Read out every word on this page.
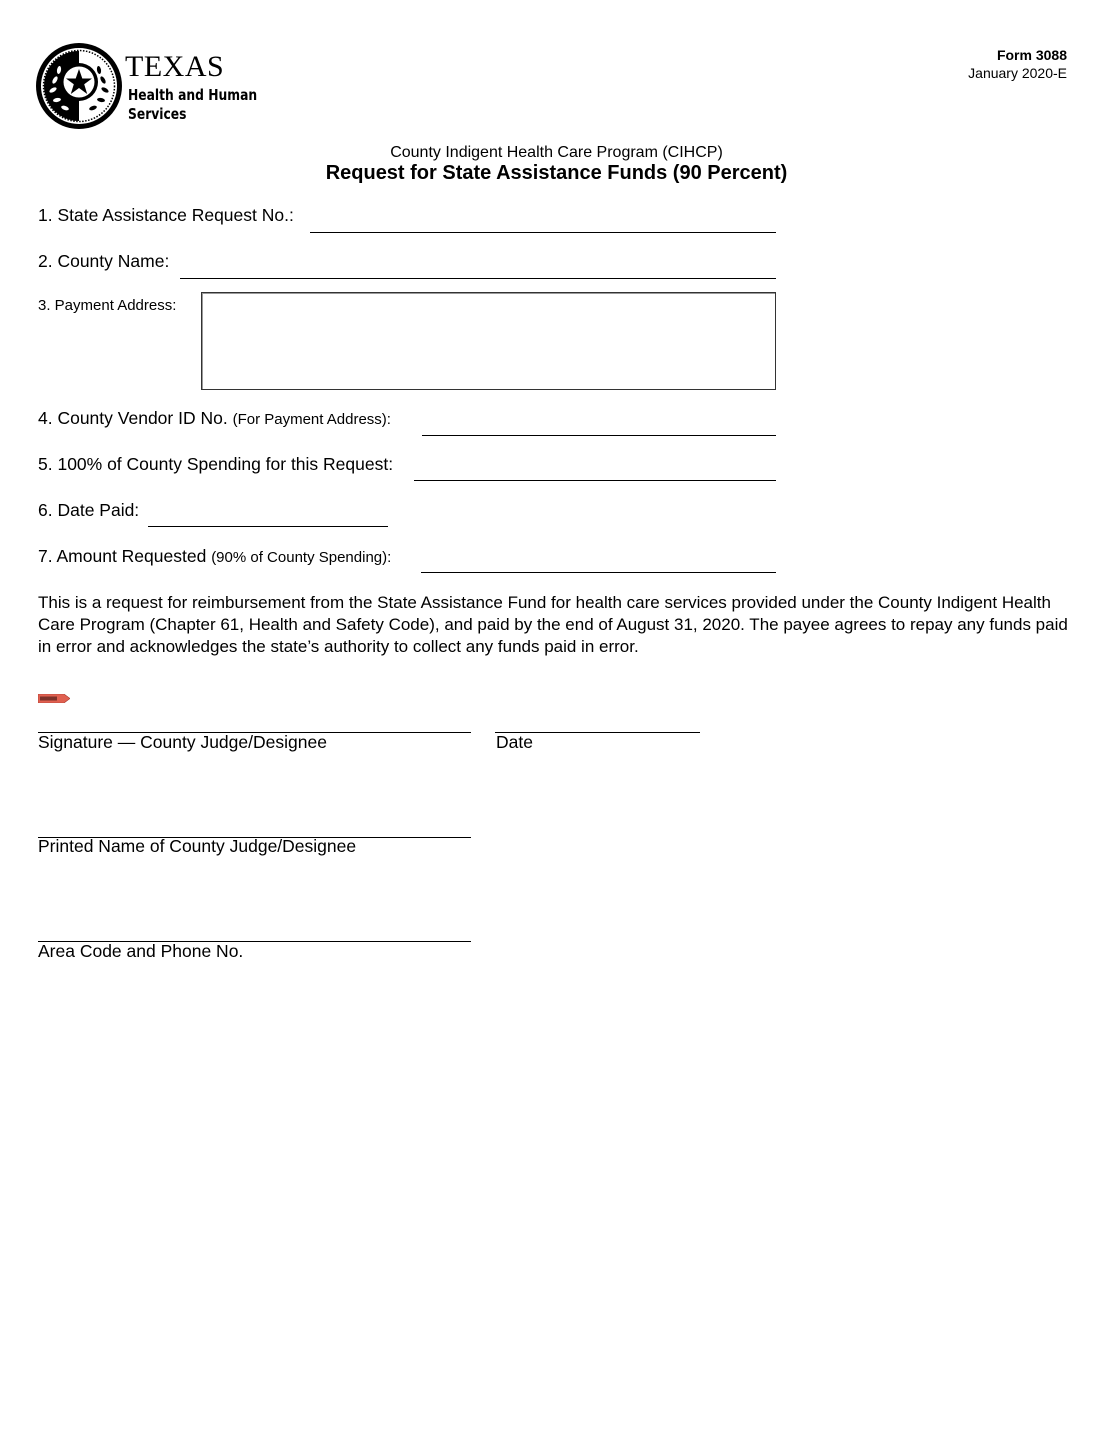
TEXAS
Health and Human
Services
Form 3088
January 2020-E
County Indigent Health Care Program (CIHCP)
Request for State Assistance Funds (90 Percent)
1. State Assistance Request No.:
2. County Name:
3. Payment Address:
4. County Vendor ID No. (For Payment Address):
5. 100% of County Spending for this Request:
6. Date Paid:
7. Amount Requested (90% of County Spending):
This is a request for reimbursement from the State Assistance Fund for health care services provided under the County Indigent Health Care Program (Chapter 61, Health and Safety Code), and paid by the end of August 31, 2020. The payee agrees to repay any funds paid in error and acknowledges the state’s authority to collect any funds paid in error.
Signature — County Judge/Designee	Date
Printed Name of County Judge/Designee
Area Code and Phone No.
